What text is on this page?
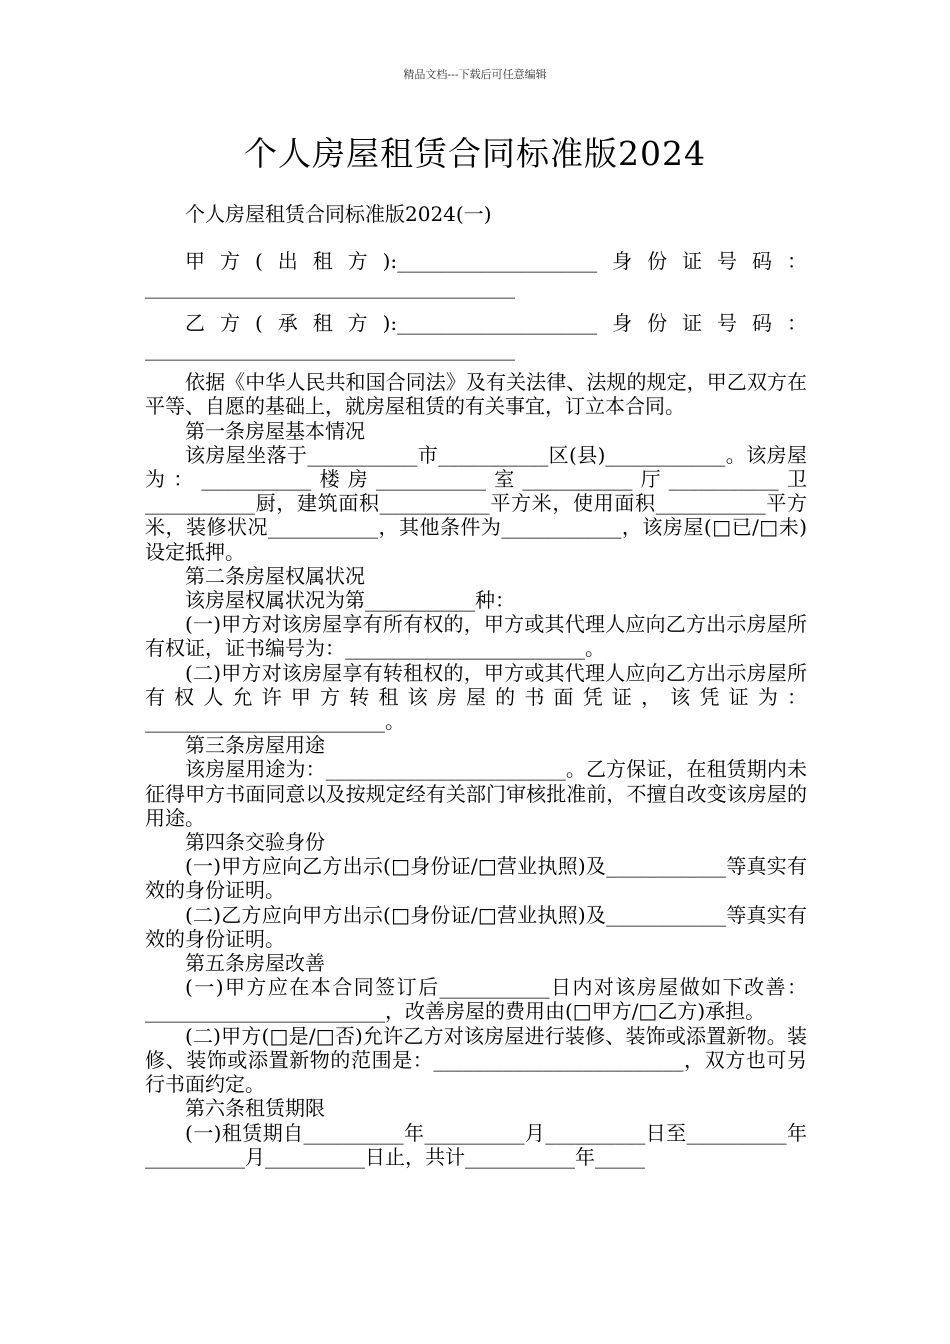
精品文档---下载后可任意编辑
个人房屋租赁合同标准版2024

个人房屋租赁合同标准版2024(一)

甲方(出租方):____________________身份证号码：_____________________________________

乙方(承租方):____________________身份证号码：_____________________________________

依据《中华人民共和国合同法》及有关法律、法规的规定，甲乙双方在平等、自愿的基础上，就房屋租赁的有关事宜，订立本合同。

第一条房屋基本情况

该房屋坐落于___________市___________区(县)____________。该房屋为：___________楼房___________室___________厅___________卫___________厨，建筑面积___________平方米，使用面积___________平方米，装修状况___________，其他条件为____________，该房屋(□已/□未)设定抵押。

第二条房屋权属状况

该房屋权属状况为第___________种：

(一)甲方对该房屋享有所有权的，甲方或其代理人应向乙方出示房屋所有权证，证书编号为：________________________。

(二)甲方对该房屋享有转租权的，甲方或其代理人应向乙方出示房屋所有权人允许甲方转租该房屋的书面凭证，该凭证为：________________________。

第三条房屋用途

该房屋用途为：________________________。乙方保证，在租赁期内未征得甲方书面同意以及按规定经有关部门审核批准前，不擅自改变该房屋的用途。

第四条交验身份

(一)甲方应向乙方出示(□身份证/□营业执照)及____________等真实有效的身份证明。

(二)乙方应向甲方出示(□身份证/□营业执照)及____________等真实有效的身份证明。

第五条房屋改善

(一)甲方应在本合同签订后___________日内对该房屋做如下改善：________________________，改善房屋的费用由(□甲方/□乙方)承担。

(二)甲方(□是/□否)允许乙方对该房屋进行装修、装饰或添置新物。装修、装饰或添置新物的范围是：_________________________，双方也可另行书面约定。

第六条租赁期限

(一)租赁期自__________年__________月__________日至__________年__________月__________日止，共计___________年_____
